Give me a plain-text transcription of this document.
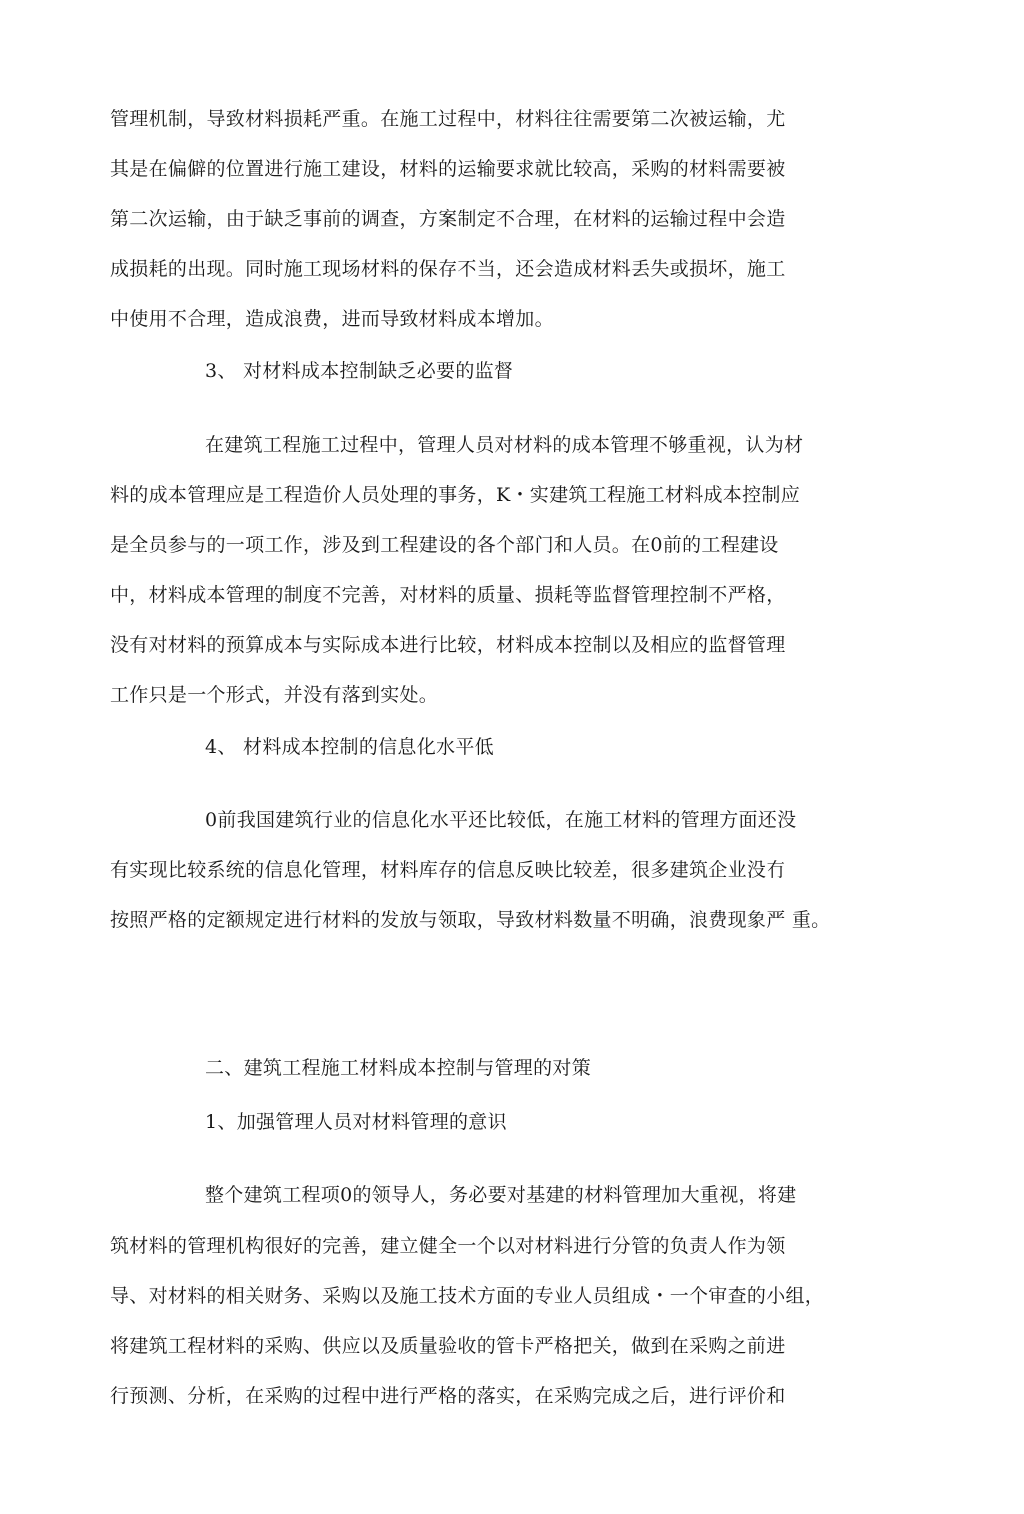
管理机制，导致材料损耗严重。在施工过程中，材料往往需要第二次被运输，尤
其是在偏僻的位置进行施工建设，材料的运输要求就比较高，采购的材料需要被
第二次运输，由于缺乏事前的调查，方案制定不合理，在材料的运输过程中会造
成损耗的出现。同时施工现场材料的保存不当，还会造成材料丢失或损坏，施工
中使用不合理，造成浪费，进而导致材料成本增加。
3、 对材料成本控制缺乏必要的监督
在建筑工程施工过程中，管理人员对材料的成本管理不够重视，认为材
料的成本管理应是工程造价人员处理的事务，K・实建筑工程施工材料成本控制应
是全员参与的一项工作，涉及到工程建设的各个部门和人员。在0前的工程建设
中，材料成本管理的制度不完善，对材料的质量、损耗等监督管理控制不严格，
没有对材料的预算成本与实际成本进行比较，材料成本控制以及相应的监督管理
工作只是一个形式，并没有落到实处。
4、 材料成本控制的信息化水平低
0前我国建筑行业的信息化水平还比较低，在施工材料的管理方面还没
有实现比较系统的信息化管理，材料库存的信息反映比较差，很多建筑企业没冇
按照严格的定额规定进行材料的发放与领取，导致材料数量不明确，浪费现象严 重。
二、建筑工程施工材料成本控制与管理的对策
1、加强管理人员对材料管理的意识
整个建筑工程项0的领导人，务必要对基建的材料管理加大重视，将建
筑材料的管理机构很好的完善，建立健全一个以对材料进行分管的负责人作为领
导、对材料的相关财务、采购以及施工技术方面的专业人员组成・一个审查的小组，
将建筑工程材料的采购、供应以及质量验收的管卡严格把关，做到在采购之前进
行预测、分析，在采购的过程中进行严格的落实，在采购完成之后，进行评价和
